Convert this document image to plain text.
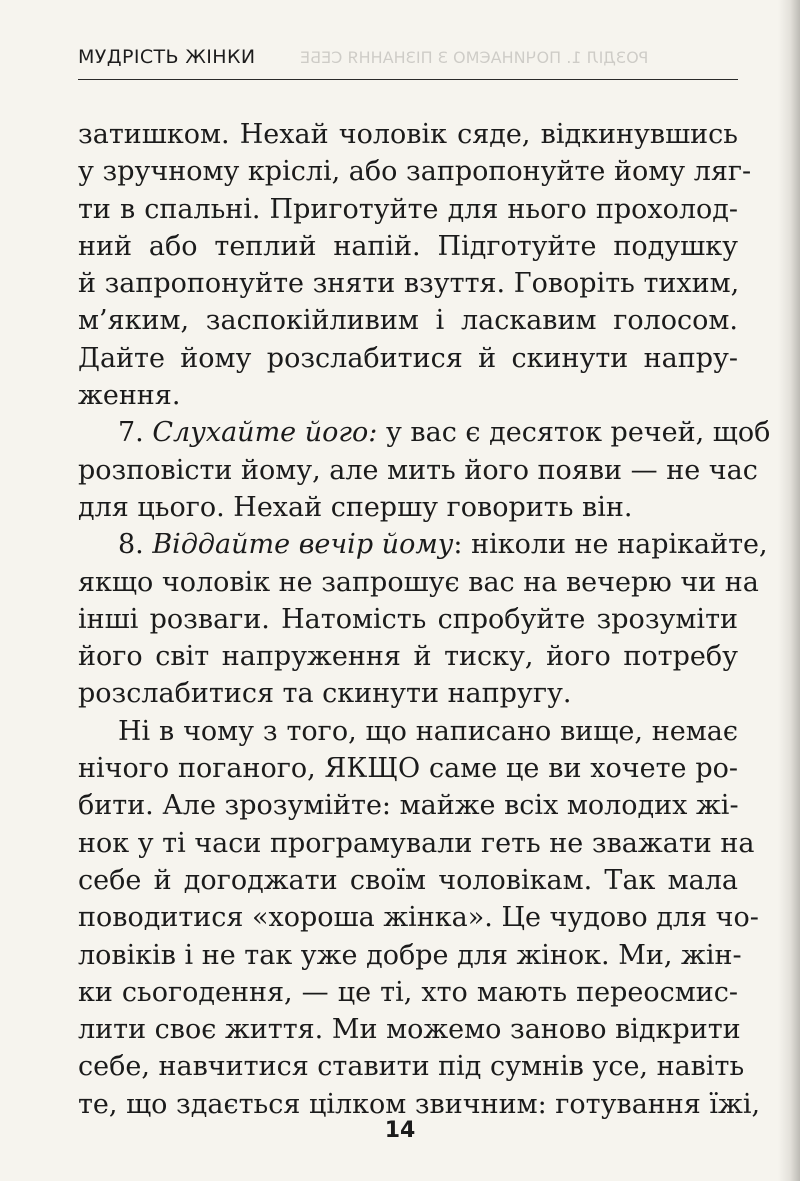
МУДРІСТЬ ЖІНКИ	РОЗДІЛ 1. ПОЧИНАЄМО З ПІЗНАННЯ СЕБЕ
затишком. Нехай чоловік сяде, відкинувшись
у зручному кріслі, або запропонуйте йому ляг-
ти в спальні. Приготуйте для нього прохолод-
ний або теплий напій. Підготуйте подушку
й запропонуйте зняти взуття. Говоріть тихим,
м’яким, заспокійливим і ласкавим голосом.
Дайте йому розслабитися й скинути напру-
ження.
7. Слухайте його: у вас є десяток речей, щоб
розповісти йому, але мить його появи — не час
для цього. Нехай спершу говорить він.
8. Віддайте вечір йому: ніколи не нарікайте,
якщо чоловік не запрошує вас на вечерю чи на
інші розваги. Натомість спробуйте зрозуміти
його світ напруження й тиску, його потребу
розслабитися та скинути напругу.
Ні в чому з того, що написано вище, немає
нічого поганого, ЯКЩО саме це ви хочете ро-
бити. Але зрозумійте: майже всіх молодих жі-
нок у ті часи програмували геть не зважати на
себе й догоджати своїм чоловікам. Так мала
поводитися «хороша жінка». Це чудово для чо-
ловіків і не так уже добре для жінок. Ми, жін-
ки сьогодення, — це ті, хто мають переосмис-
лити своє життя. Ми можемо заново відкрити
себе, навчитися ставити під сумнів усе, навіть
те, що здається цілком звичним: готування їжі,
14
